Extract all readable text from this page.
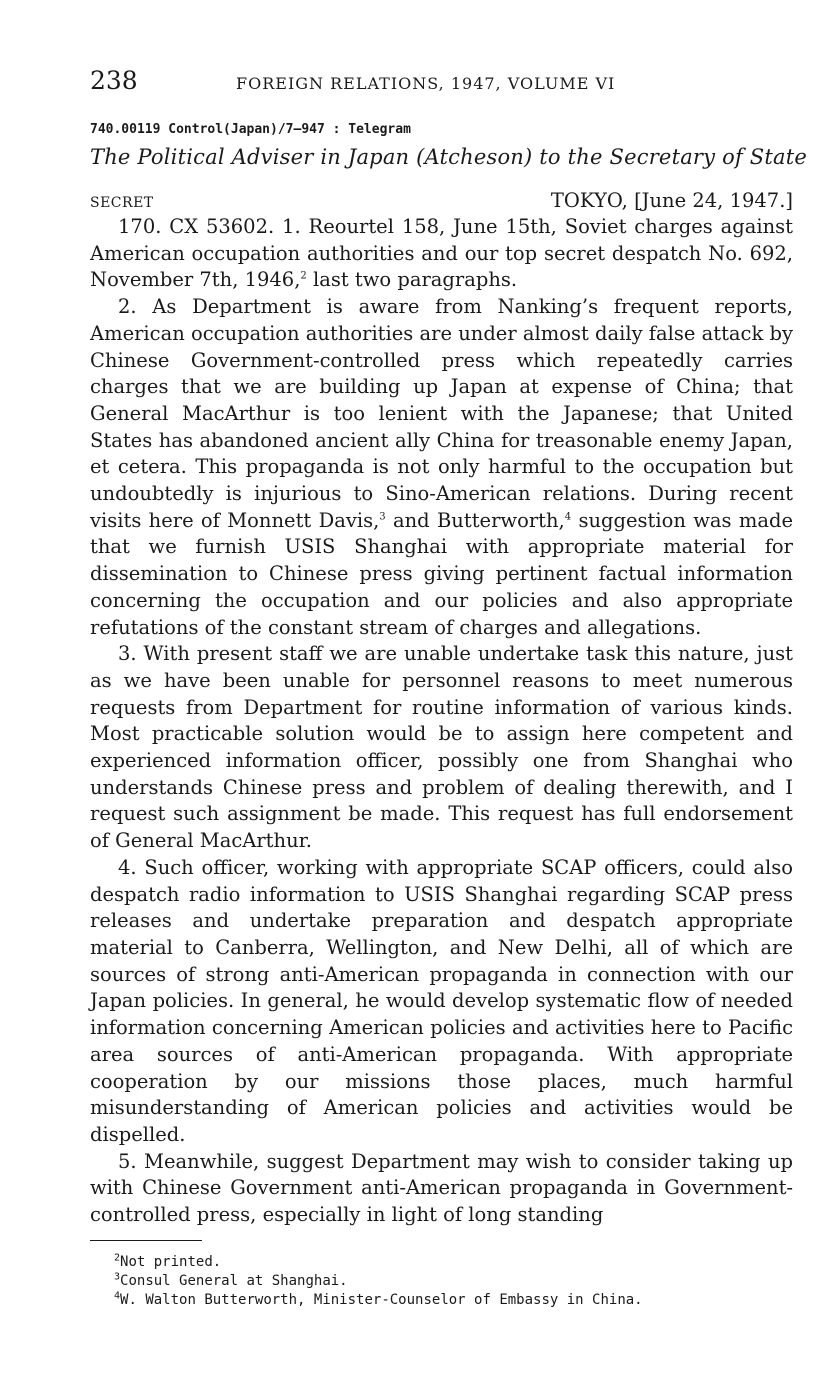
238	FOREIGN RELATIONS, 1947, VOLUME VI
740.00119 Control(Japan)/7–947 : Telegram
The Political Adviser in Japan (Atcheson) to the Secretary of State
SECRET	TOKYO, [June 24, 1947.]

170. CX 53602. 1. Reourtel 158, June 15th, Soviet charges against American occupation authorities and our top secret despatch No. 692, November 7th, 1946,$^2$ last two paragraphs.

2. As Department is aware from Nanking’s frequent reports, American occupation authorities are under almost daily false attack by Chinese Government-controlled press which repeatedly carries charges that we are building up Japan at expense of China; that General MacArthur is too lenient with the Japanese; that United States has abandoned ancient ally China for treasonable enemy Japan, et cetera. This propaganda is not only harmful to the occupation but undoubtedly is injurious to Sino-American relations. During recent visits here of Monnett Davis,$^3$ and Butterworth,$^4$ suggestion was made that we furnish USIS Shanghai with appropriate material for dissemination to Chinese press giving pertinent factual information concerning the occupation and our policies and also appropriate refutations of the constant stream of charges and allegations.

3. With present staff we are unable undertake task this nature, just as we have been unable for personnel reasons to meet numerous requests from Department for routine information of various kinds. Most practicable solution would be to assign here competent and experienced information officer, possibly one from Shanghai who understands Chinese press and problem of dealing therewith, and I request such assignment be made. This request has full endorsement of General MacArthur.

4. Such officer, working with appropriate SCAP officers, could also despatch radio information to USIS Shanghai regarding SCAP press releases and undertake preparation and despatch appropriate material to Canberra, Wellington, and New Delhi, all of which are sources of strong anti-American propaganda in connection with our Japan policies. In general, he would develop systematic flow of needed information concerning American policies and activities here to Pacific area sources of anti-American propaganda. With appropriate cooperation by our missions those places, much harmful misunderstanding of American policies and activities would be dispelled.

5. Meanwhile, suggest Department may wish to consider taking up with Chinese Government anti-American propaganda in Government-controlled press, especially in light of long standing

$^2$Not printed.
$^3$Consul General at Shanghai.
$^4$W. Walton Butterworth, Minister-Counselor of Embassy in China.
